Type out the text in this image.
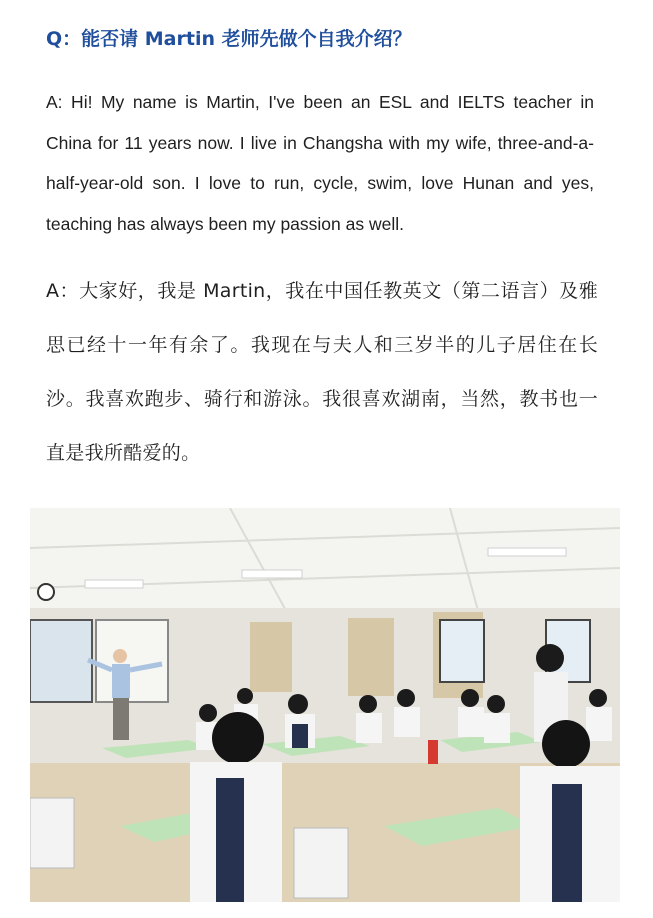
Q：能否请 Martin 老师先做个自我介绍？

A: Hi! My name is Martin, I've been an ESL and IELTS teacher in China for 11 years now. I live in Changsha with my wife, three-and-a-half-year-old son. I love to run, cycle, swim, love Hunan and yes, teaching has always been my passion as well.

A：大家好，我是 Martin，我在中国任教英文（第二语言）及雅思已经十一年有余了。我现在与夫人和三岁半的儿子居住在长沙。我喜欢跑步、骑行和游泳。我很喜欢湖南，当然，教书也一直是我所酷爱的。
